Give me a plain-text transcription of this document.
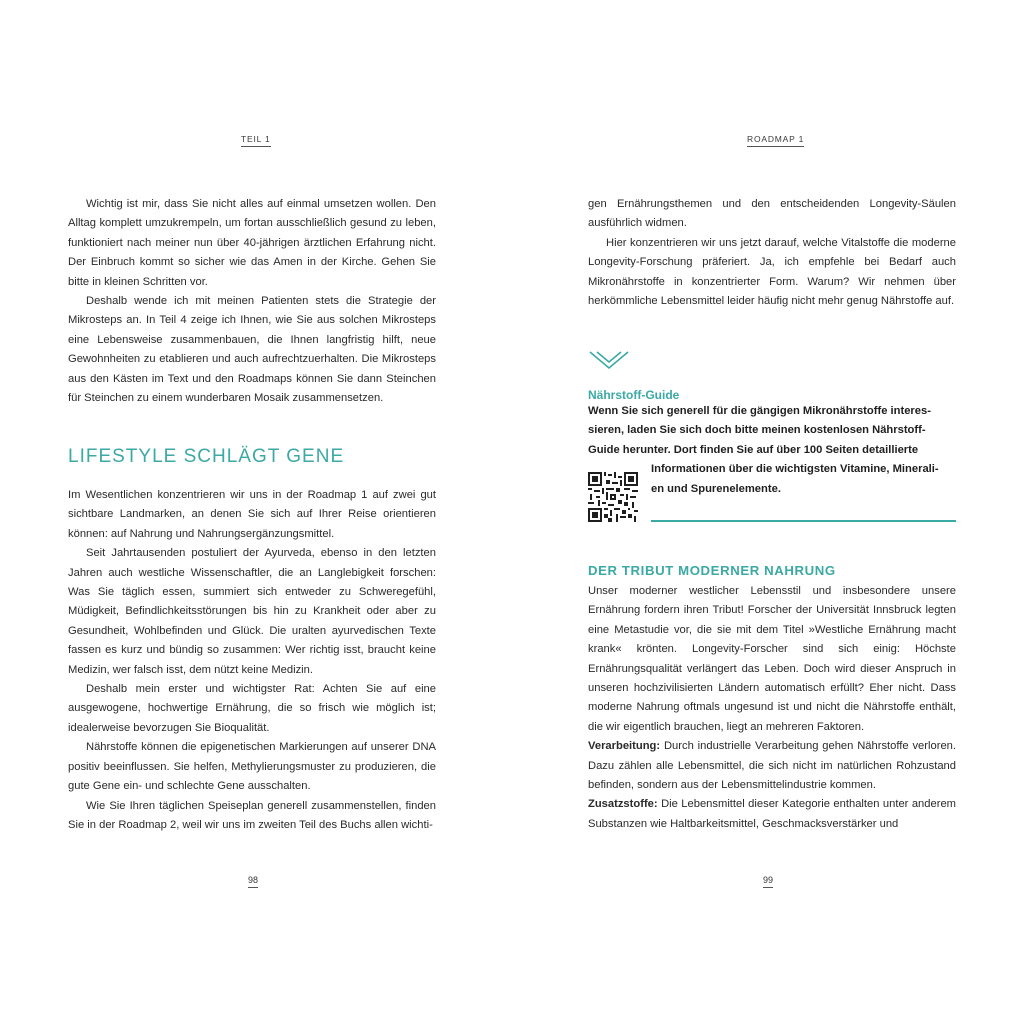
TEIL 1

Wichtig ist mir, dass Sie nicht alles auf einmal umsetzen wollen. Den Alltag komplett umzukrempeln, um fortan ausschließlich gesund zu leben, funktioniert nach meiner nun über 40-jährigen ärztlichen Erfahrung nicht. Der Einbruch kommt so sicher wie das Amen in der Kirche. Gehen Sie bitte in kleinen Schritten vor.

Deshalb wende ich mit meinen Patienten stets die Strategie der Mikrosteps an. In Teil 4 zeige ich Ihnen, wie Sie aus solchen Mikrosteps eine Lebensweise zusammenbauen, die Ihnen langfristig hilft, neue Gewohnheiten zu etablieren und auch aufrechtzuerhalten. Die Mikrosteps aus den Kästen im Text und den Roadmaps können Sie dann Steinchen für Steinchen zu einem wunderbaren Mosaik zusammensetzen.

LIFESTYLE SCHLÄGT GENE

Im Wesentlichen konzentrieren wir uns in der Roadmap 1 auf zwei gut sichtbare Landmarken, an denen Sie sich auf Ihrer Reise orientieren können: auf Nahrung und Nahrungsergänzungsmittel.

Seit Jahrtausenden postuliert der Ayurveda, ebenso in den letzten Jahren auch westliche Wissenschaftler, die an Langlebigkeit forschen: Was Sie täglich essen, summiert sich entweder zu Schweregefühl, Müdigkeit, Befindlichkeitsstörungen bis hin zu Krankheit oder aber zu Gesundheit, Wohlbefinden und Glück. Die uralten ayurvedischen Texte fassen es kurz und bündig so zusammen: Wer richtig isst, braucht keine Medizin, wer falsch isst, dem nützt keine Medizin.

Deshalb mein erster und wichtigster Rat: Achten Sie auf eine ausgewogene, hochwertige Ernährung, die so frisch wie möglich ist; idealerweise bevorzugen Sie Bioqualität.

Nährstoffe können die epigenetischen Markierungen auf unserer DNA positiv beeinflussen. Sie helfen, Methylierungsmuster zu produzieren, die gute Gene ein- und schlechte Gene ausschalten.

Wie Sie Ihren täglichen Speiseplan generell zusammenstellen, finden Sie in der Roadmap 2, weil wir uns im zweiten Teil des Buchs allen wichti-

98
ROADMAP 1

gen Ernährungsthemen und den entscheidenden Longevity-Säulen ausführlich widmen.

Hier konzentrieren wir uns jetzt darauf, welche Vitalstoffe die moderne Longevity-Forschung präferiert. Ja, ich empfehle bei Bedarf auch Mikronährstoffe in konzentrierter Form. Warum? Wir nehmen über herkömmliche Lebensmittel leider häufig nicht mehr genug Nährstoffe auf.

Nährstoff-Guide

Wenn Sie sich generell für die gängigen Mikronährstoffe interes-

sieren, laden Sie sich doch bitte meinen kostenlosen Nährstoff-

Guide herunter. Dort finden Sie auf über 100 Seiten detaillierte

Informationen über die wichtigsten Vitamine, Minerali-

en und Spurenelemente.

DER TRIBUT MODERNER NAHRUNG

Unser moderner westlicher Lebensstil und insbesondere unsere Ernährung fordern ihren Tribut! Forscher der Universität Innsbruck legten eine Metastudie vor, die sie mit dem Titel »Westliche Ernährung macht krank« krönten. Longevity-Forscher sind sich einig: Höchste Ernährungsqualität verlängert das Leben. Doch wird dieser Anspruch in unseren hochzivilisierten Ländern automatisch erfüllt? Eher nicht. Dass moderne Nahrung oftmals ungesund ist und nicht die Nährstoffe enthält, die wir eigentlich brauchen, liegt an mehreren Faktoren.

Verarbeitung: Durch industrielle Verarbeitung gehen Nährstoffe verloren. Dazu zählen alle Lebensmittel, die sich nicht im natürlichen Rohzustand befinden, sondern aus der Lebensmittelindustrie kommen.

Zusatzstoffe: Die Lebensmittel dieser Kategorie enthalten unter anderem Substanzen wie Haltbarkeitsmittel, Geschmacksverstärker und

99
